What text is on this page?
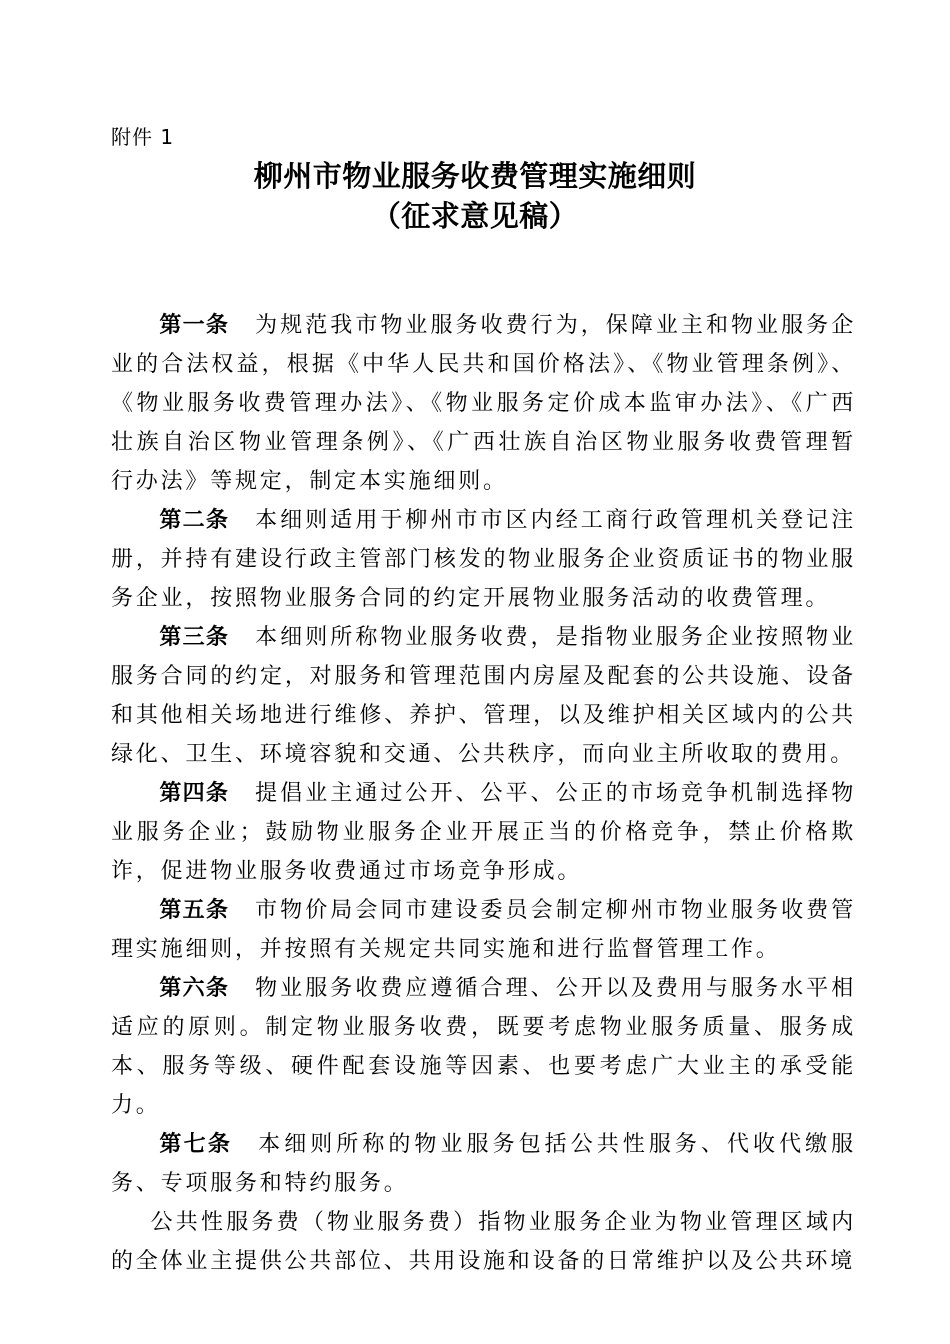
附件 1
柳州市物业服务收费管理实施细则
（征求意见稿）

第一条 为规范我市物业服务收费行为，保障业主和物业服务企业的合法权益，根据《中华人民共和国价格法》、《物业管理条例》、《物业服务收费管理办法》、《物业服务定价成本监审办法》、《广西壮族自治区物业管理条例》、《广西壮族自治区物业服务收费管理暂行办法》等规定，制定本实施细则。

第二条 本细则适用于柳州市市区内经工商行政管理机关登记注册，并持有建设行政主管部门核发的物业服务企业资质证书的物业服务企业，按照物业服务合同的约定开展物业服务活动的收费管理。

第三条 本细则所称物业服务收费，是指物业服务企业按照物业服务合同的约定，对服务和管理范围内房屋及配套的公共设施、设备和其他相关场地进行维修、养护、管理，以及维护相关区域内的公共绿化、卫生、环境容貌和交通、公共秩序，而向业主所收取的费用。

第四条 提倡业主通过公开、公平、公正的市场竞争机制选择物业服务企业；鼓励物业服务企业开展正当的价格竞争，禁止价格欺诈，促进物业服务收费通过市场竞争形成。

第五条 市物价局会同市建设委员会制定柳州市物业服务收费管理实施细则，并按照有关规定共同实施和进行监督管理工作。

第六条 物业服务收费应遵循合理、公开以及费用与服务水平相适应的原则。制定物业服务收费，既要考虑物业服务质量、服务成本、服务等级、硬件配套设施等因素、也要考虑广大业主的承受能力。

第七条 本细则所称的物业服务包括公共性服务、代收代缴服务、专项服务和特约服务。

公共性服务费（物业服务费）指物业服务企业为物业管理区域内的全体业主提供公共部位、共用设施和设备的日常维护以及公共环境
